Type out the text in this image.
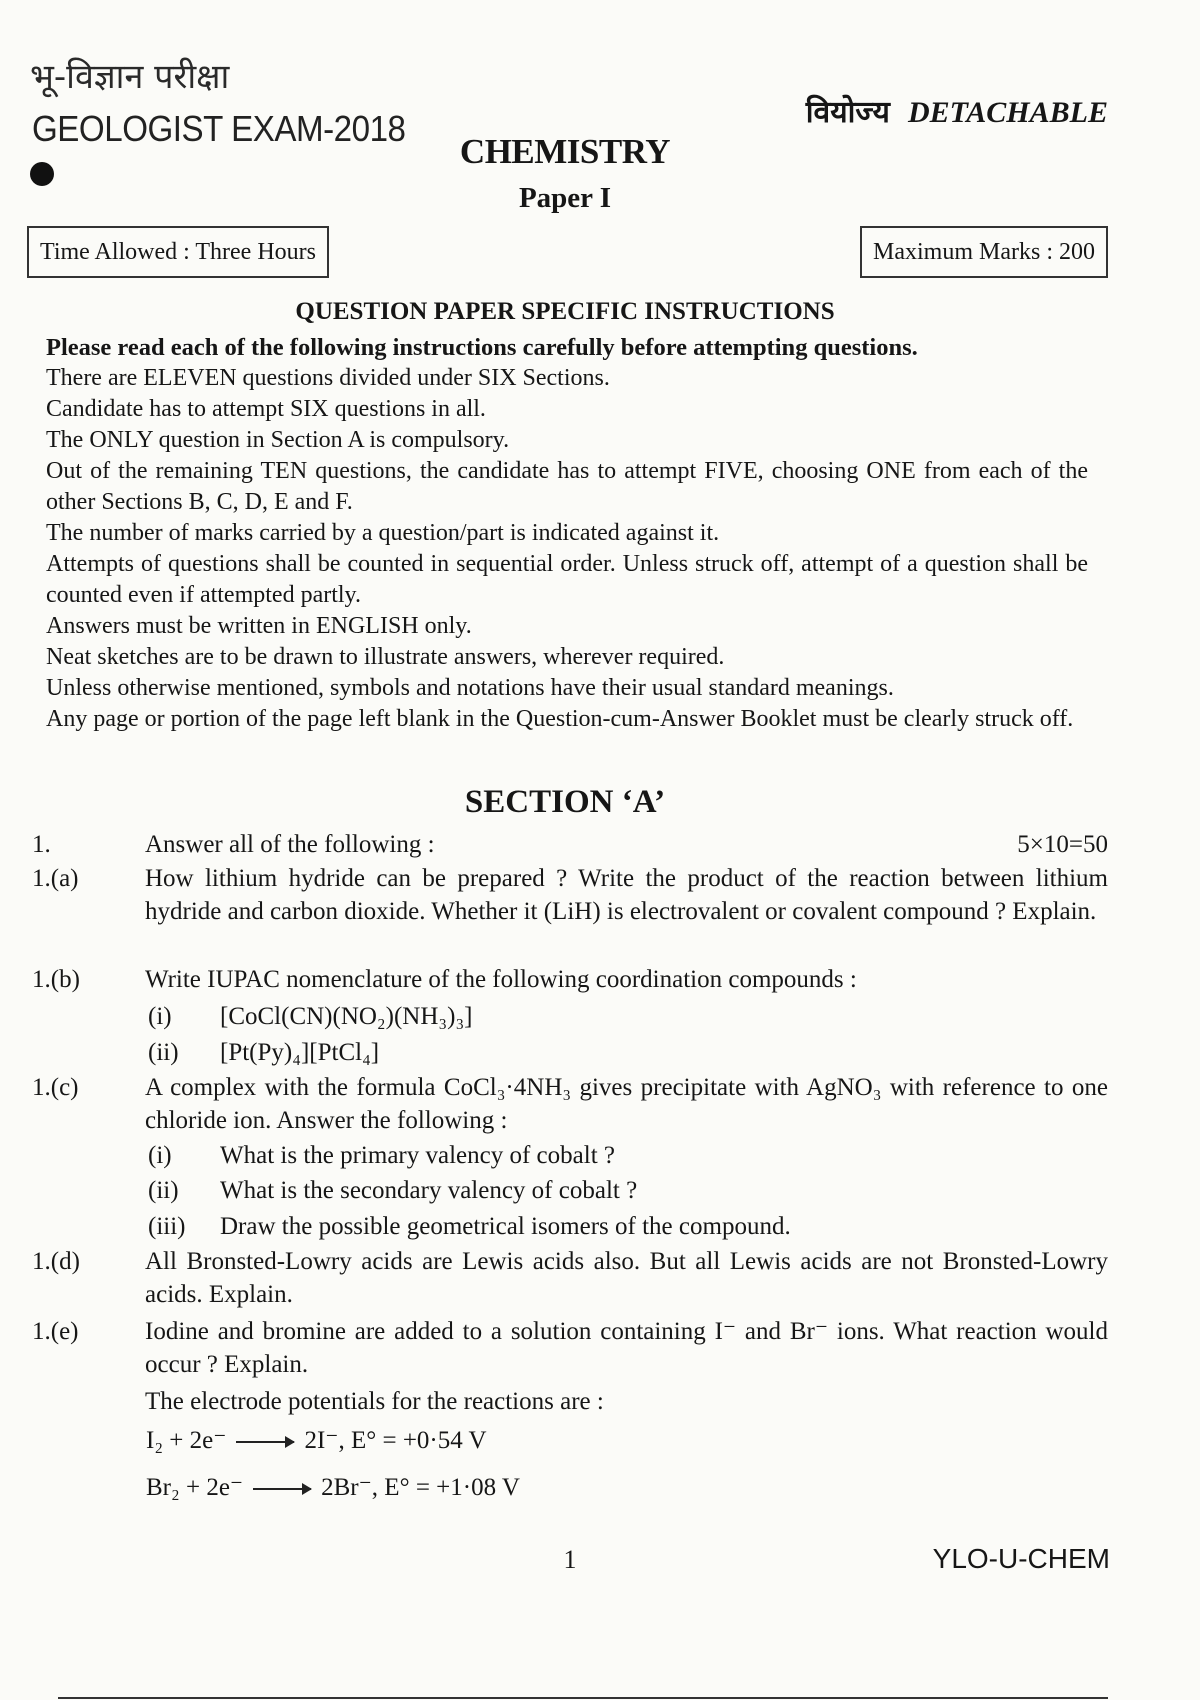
भू-विज्ञान परीक्षा
GEOLOGIST EXAM-2018	वियोज्य DETACHABLE
CHEMISTRY
Paper I
Time Allowed : Three Hours	Maximum Marks : 200
QUESTION PAPER SPECIFIC INSTRUCTIONS
Please read each of the following instructions carefully before attempting questions.
There are ELEVEN questions divided under SIX Sections.
Candidate has to attempt SIX questions in all.
The ONLY question in Section A is compulsory.
Out of the remaining TEN questions, the candidate has to attempt FIVE, choosing ONE from each of the other Sections B, C, D, E and F.
The number of marks carried by a question/part is indicated against it.
Attempts of questions shall be counted in sequential order. Unless struck off, attempt of a question shall be counted even if attempted partly.
Answers must be written in ENGLISH only.
Neat sketches are to be drawn to illustrate answers, wherever required.
Unless otherwise mentioned, symbols and notations have their usual standard meanings.
Any page or portion of the page left blank in the Question-cum-Answer Booklet must be clearly struck off.
SECTION ‘A’
1.	Answer all of the following :	5×10=50
1.(a)	How lithium hydride can be prepared ? Write the product of the reaction between lithium hydride and carbon dioxide. Whether it (LiH) is electrovalent or covalent compound ? Explain.
1.(b)	Write IUPAC nomenclature of the following coordination compounds :
(i) [CoCl(CN)(NO₂)(NH₃)₃]
(ii) [Pt(Py)₄][PtCl₄]
1.(c)	A complex with the formula CoCl₃·4NH₃ gives precipitate with AgNO₃ with reference to one chloride ion. Answer the following :
(i) What is the primary valency of cobalt ?
(ii) What is the secondary valency of cobalt ?
(iii) Draw the possible geometrical isomers of the compound.
1.(d)	All Bronsted-Lowry acids are Lewis acids also. But all Lewis acids are not Bronsted-Lowry acids. Explain.
1.(e)	Iodine and bromine are added to a solution containing I⁻ and Br⁻ ions. What reaction would occur ? Explain.
The electrode potentials for the reactions are :
I₂ + 2e⁻ → 2I⁻, E° = +0·54 V
Br₂ + 2e⁻ → 2Br⁻, E° = +1·08 V
1	YLO-U-CHEM
